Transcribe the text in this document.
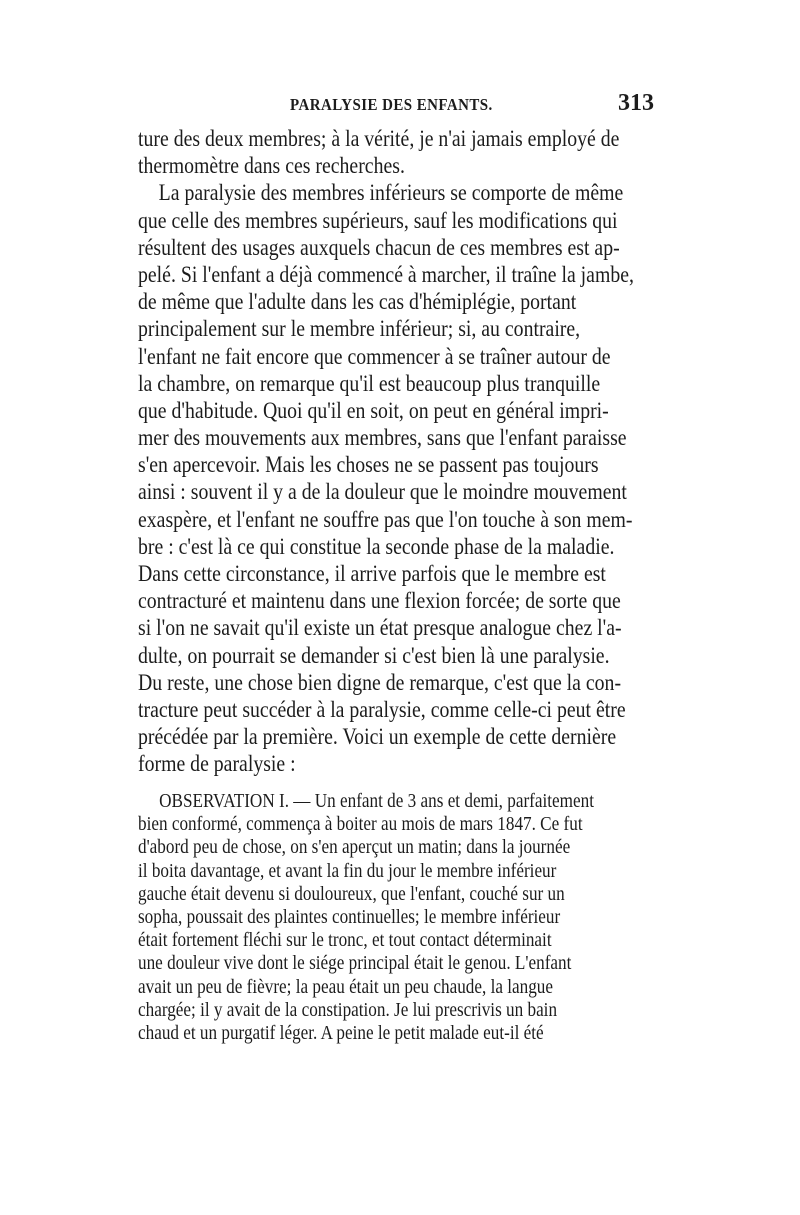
PARALYSIE DES ENFANTS.	313
ture des deux membres; à la vérité, je n'ai jamais employé de
thermomètre dans ces recherches.
La paralysie des membres inférieurs se comporte de même
que celle des membres supérieurs, sauf les modifications qui
résultent des usages auxquels chacun de ces membres est ap-
pelé. Si l'enfant a déjà commencé à marcher, il traîne la jambe,
de même que l'adulte dans les cas d'hémiplégie, portant
principalement sur le membre inférieur; si, au contraire,
l'enfant ne fait encore que commencer à se traîner autour de
la chambre, on remarque qu'il est beaucoup plus tranquille
que d'habitude. Quoi qu'il en soit, on peut en général impri-
mer des mouvements aux membres, sans que l'enfant paraisse
s'en apercevoir. Mais les choses ne se passent pas toujours
ainsi : souvent il y a de la douleur que le moindre mouvement
exaspère, et l'enfant ne souffre pas que l'on touche à son mem-
bre : c'est là ce qui constitue la seconde phase de la maladie.
Dans cette circonstance, il arrive parfois que le membre est
contracturé et maintenu dans une flexion forcée; de sorte que
si l'on ne savait qu'il existe un état presque analogue chez l'a-
dulte, on pourrait se demander si c'est bien là une paralysie.
Du reste, une chose bien digne de remarque, c'est que la con-
tracture peut succéder à la paralysie, comme celle-ci peut être
précédée par la première. Voici un exemple de cette dernière
forme de paralysie :
OBSERVATION I. — Un enfant de 3 ans et demi, parfaitement
bien conformé, commença à boiter au mois de mars 1847. Ce fut
d'abord peu de chose, on s'en aperçut un matin; dans la journée
il boita davantage, et avant la fin du jour le membre inférieur
gauche était devenu si douloureux, que l'enfant, couché sur un
sopha, poussait des plaintes continuelles; le membre inférieur
était fortement fléchi sur le tronc, et tout contact déterminait
une douleur vive dont le siége principal était le genou. L'enfant
avait un peu de fièvre; la peau était un peu chaude, la langue
chargée; il y avait de la constipation. Je lui prescrivis un bain
chaud et un purgatif léger. A peine le petit malade eut-il été
